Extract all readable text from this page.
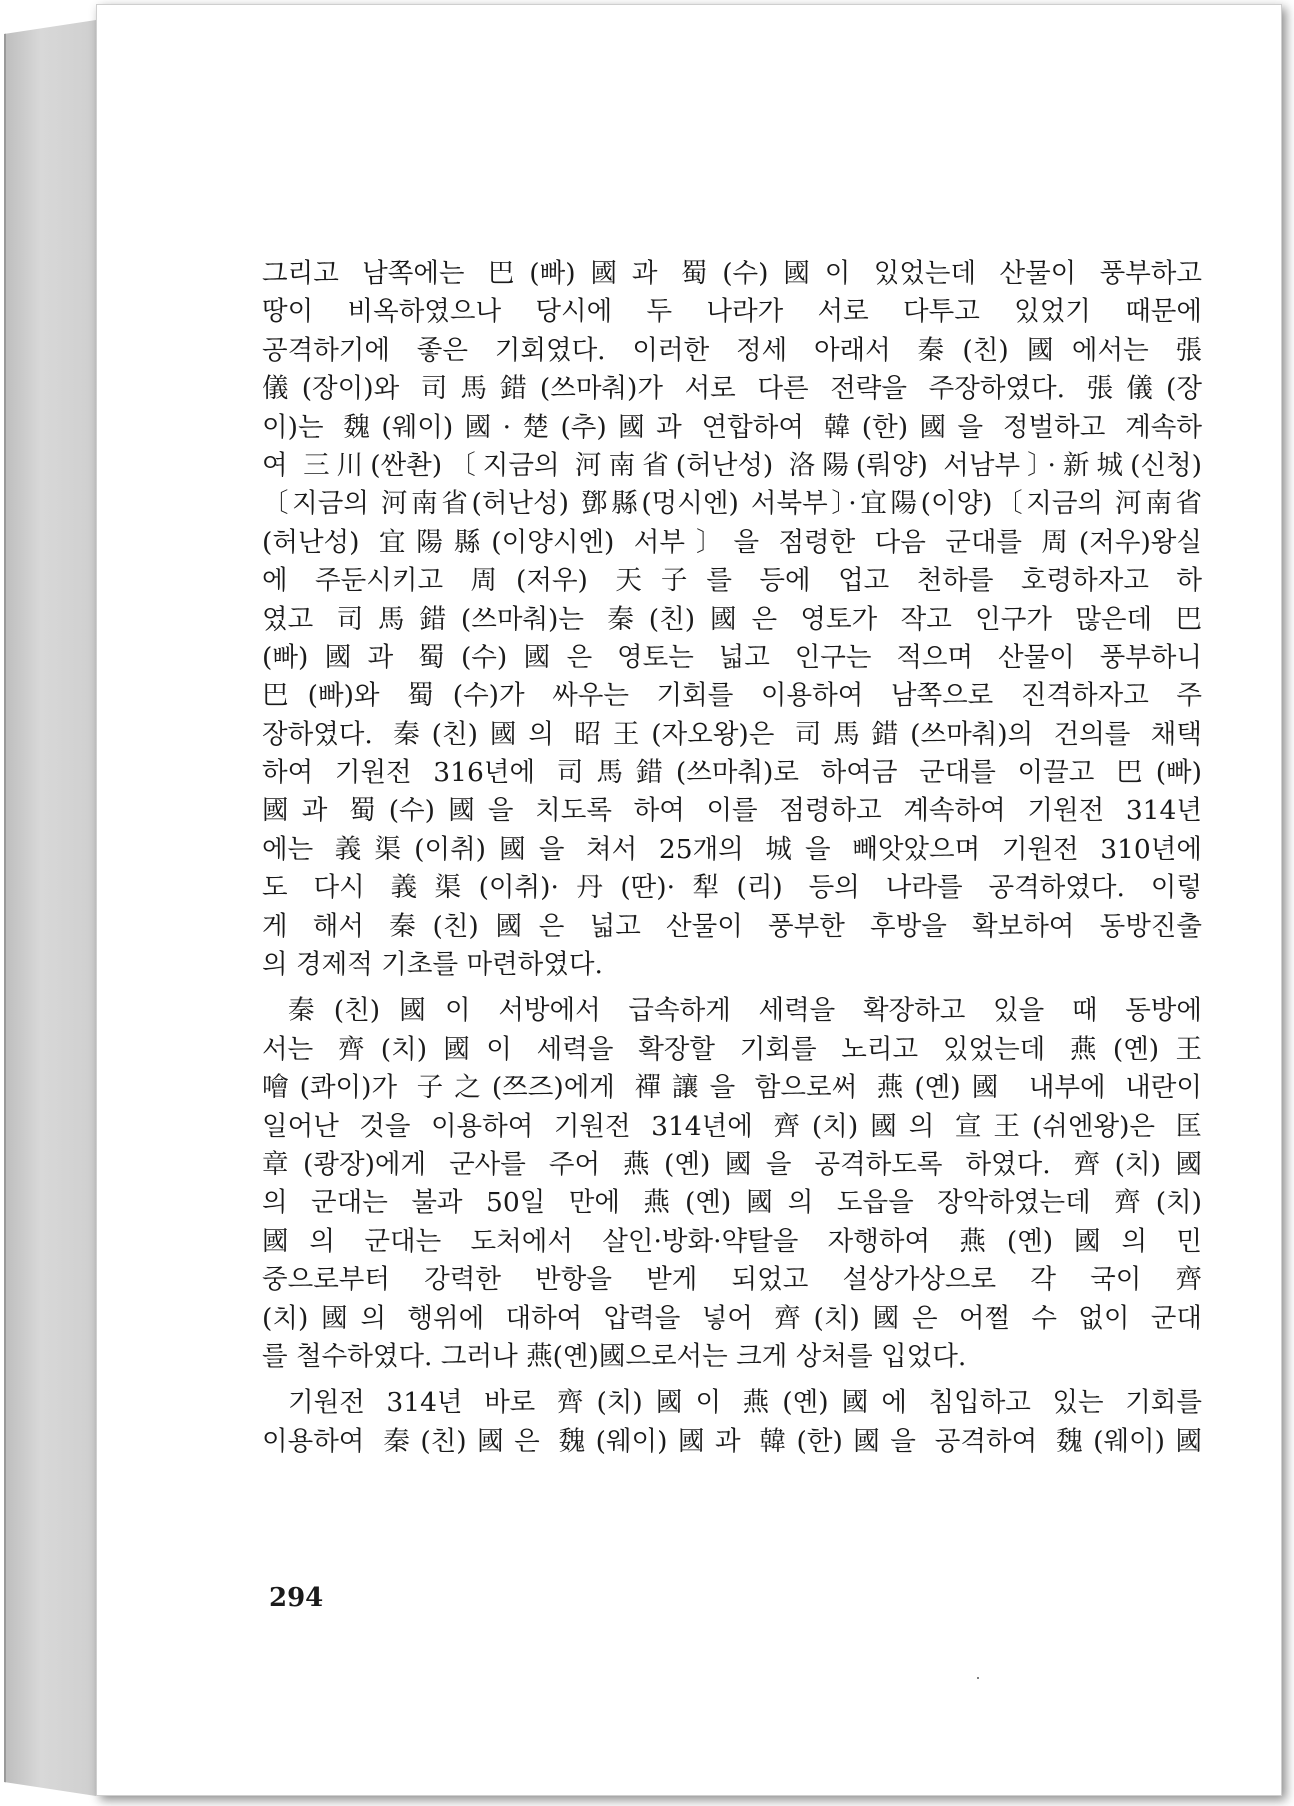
그리고 남쪽에는 巴(빠)國과 蜀(수)國이 있었는데 산물이 풍부하고
땅이 비옥하였으나 당시에 두 나라가 서로 다투고 있었기 때문에
공격하기에 좋은 기회였다. 이러한 정세 아래서 秦(친)國에서는 張
儀(장이)와 司馬錯(쓰마춰)가 서로 다른 전략을 주장하였다. 張儀(장
이)는 魏(웨이)國·楚(추)國과 연합하여 韓(한)國을 정벌하고 계속하
여 三川(싼촨)〔지금의 河南省(허난성) 洛陽(뤄양) 서남부〕·新城(신청)
〔지금의 河南省(허난성) 鄧縣(멍시엔) 서북부〕·宜陽(이양)〔지금의 河南省
(허난성) 宜陽縣(이양시엔) 서부〕을 점령한 다음 군대를 周(저우)왕실
에 주둔시키고 周(저우) 天子를 등에 업고 천하를 호령하자고 하
였고 司馬錯(쓰마춰)는 秦(친)國은 영토가 작고 인구가 많은데 巴
(빠)國과 蜀(수)國은 영토는 넓고 인구는 적으며 산물이 풍부하니
巴(빠)와 蜀(수)가 싸우는 기회를 이용하여 남쪽으로 진격하자고 주
장하였다. 秦(친)國의 昭王(자오왕)은 司馬錯(쓰마춰)의 건의를 채택
하여 기원전 316년에 司馬錯(쓰마춰)로 하여금 군대를 이끌고 巴(빠)
國과 蜀(수)國을 치도록 하여 이를 점령하고 계속하여 기원전 314년
에는 義渠(이취)國을 쳐서 25개의 城을 빼앗았으며 기원전 310년에
도 다시 義渠(이취)·丹(딴)·犁(리) 등의 나라를 공격하였다. 이렇
게 해서 秦(친)國은 넓고 산물이 풍부한 후방을 확보하여 동방진출
의 경제적 기초를 마련하였다.
秦(친)國이 서방에서 급속하게 세력을 확장하고 있을 때 동방에
서는 齊(치)國이 세력을 확장할 기회를 노리고 있었는데 燕(옌)王
噲(콰이)가 子之(쯔즈)에게 禪讓을 함으로써 燕(옌)國 내부에 내란이
일어난 것을 이용하여 기원전 314년에 齊(치)國의 宣王(쉬엔왕)은 匡
章(쾅장)에게 군사를 주어 燕(옌)國을 공격하도록 하였다. 齊(치)國
의 군대는 불과 50일 만에 燕(옌)國의 도읍을 장악하였는데 齊(치)
國의 군대는 도처에서 살인·방화·약탈을 자행하여 燕(옌)國의 민
중으로부터 강력한 반항을 받게 되었고 설상가상으로 각 국이 齊
(치)國의 행위에 대하여 압력을 넣어 齊(치)國은 어쩔 수 없이 군대
를 철수하였다. 그러나 燕(옌)國으로서는 크게 상처를 입었다.
기원전 314년 바로 齊(치)國이 燕(옌)國에 침입하고 있는 기회를
이용하여 秦(친)國은 魏(웨이)國과 韓(한)國을 공격하여 魏(웨이)國
294
